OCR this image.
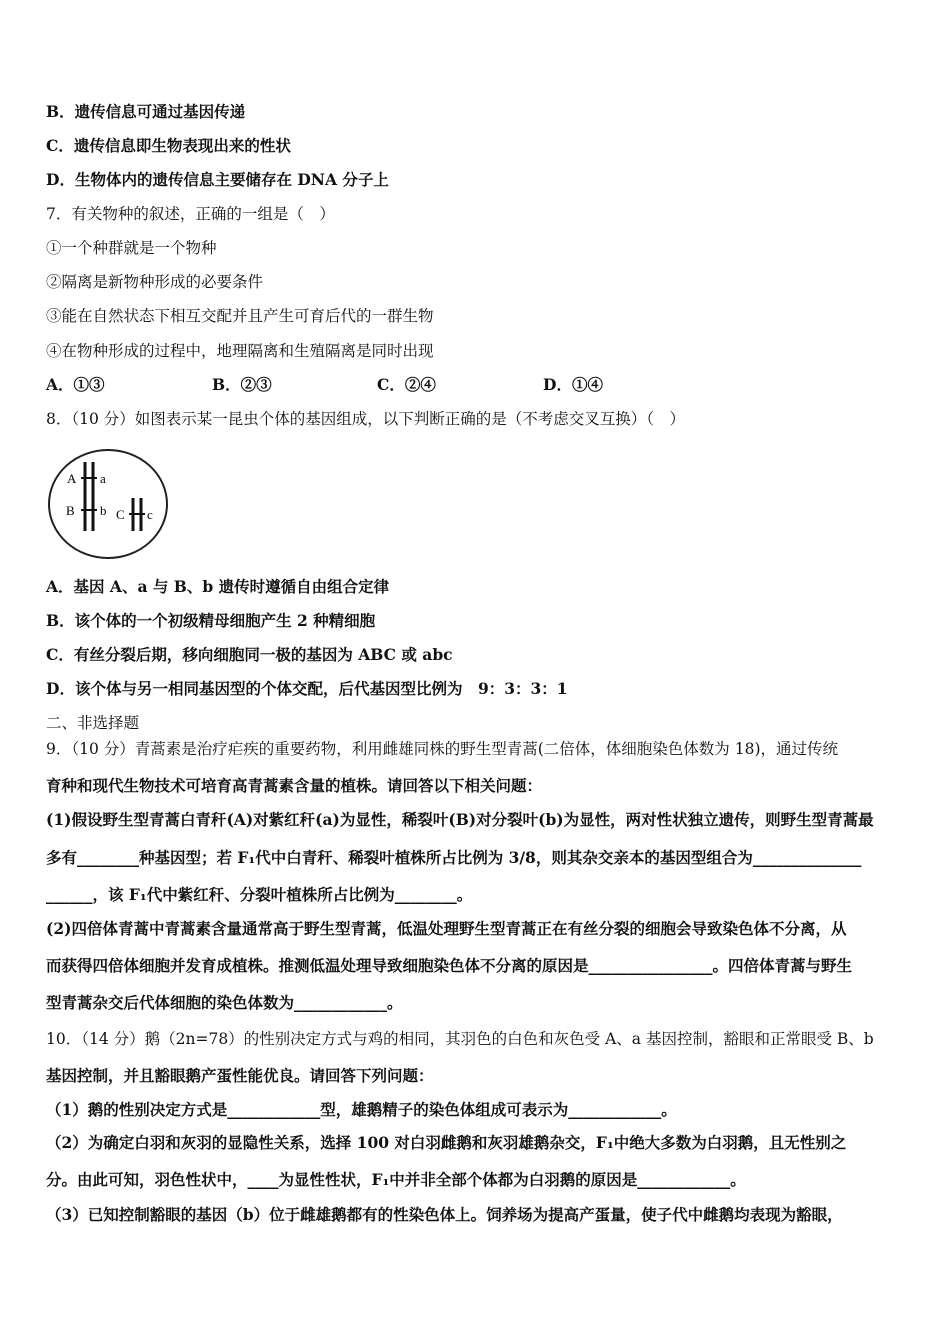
B．遗传信息可通过基因传递
C．遗传信息即生物表现出来的性状
D．生物体内的遗传信息主要储存在 DNA 分子上
7．有关物种的叙述，正确的一组是（　）
①一个种群就是一个物种
②隔离是新物种形成的必要条件
③能在自然状态下相互交配并且产生可育后代的一群生物
④在物种形成的过程中，地理隔离和生殖隔离是同时出现
A．①③	B．②③	C．②④	D．①④
8．（10 分）如图表示某一昆虫个体的基因组成，以下判断正确的是（不考虑交叉互换）（　）
A a
B b C c
A．基因 A、a 与 B、b 遗传时遵循自由组合定律
B．该个体的一个初级精母细胞产生 2 种精细胞
C．有丝分裂后期，移向细胞同一极的基因为 ABC 或 abc
D．该个体与另一相同基因型的个体交配，后代基因型比例为　9：3：3：1
二、非选择题
9．（10 分）青蒿素是治疗疟疾的重要药物，利用雌雄同株的野生型青蒿(二倍体，体细胞染色体数为 18)，通过传统
育种和现代生物技术可培育高青蒿素含量的植株。请回答以下相关问题：
(1)假设野生型青蒿白青秆(A)对紫红秆(a)为显性，稀裂叶(B)对分裂叶(b)为显性，两对性状独立遗传，则野生型青蒿最
多有________种基因型；若 F₁代中白青秆、稀裂叶植株所占比例为 3/8，则其杂交亲本的基因型组合为______________
______，该 F₁代中紫红秆、分裂叶植株所占比例为________。
(2)四倍体青蒿中青蒿素含量通常高于野生型青蒿，低温处理野生型青蒿正在有丝分裂的细胞会导致染色体不分离，从
而获得四倍体细胞并发育成植株。推测低温处理导致细胞染色体不分离的原因是________________。四倍体青蒿与野生
型青蒿杂交后代体细胞的染色体数为____________。
10．（14 分）鹅（2n=78）的性别决定方式与鸡的相同，其羽色的白色和灰色受 A、a 基因控制，豁眼和正常眼受 B、b
基因控制，并且豁眼鹅产蛋性能优良。请回答下列问题：
（1）鹅的性别决定方式是____________型，雄鹅精子的染色体组成可表示为____________。
（2）为确定白羽和灰羽的显隐性关系，选择 100 对白羽雌鹅和灰羽雄鹅杂交，F₁中绝大多数为白羽鹅，且无性别之
分。由此可知，羽色性状中，____为显性性状，F₁中并非全部个体都为白羽鹅的原因是____________。
（3）已知控制豁眼的基因（b）位于雌雄鹅都有的性染色体上。饲养场为提高产蛋量，使子代中雌鹅均表现为豁眼，
